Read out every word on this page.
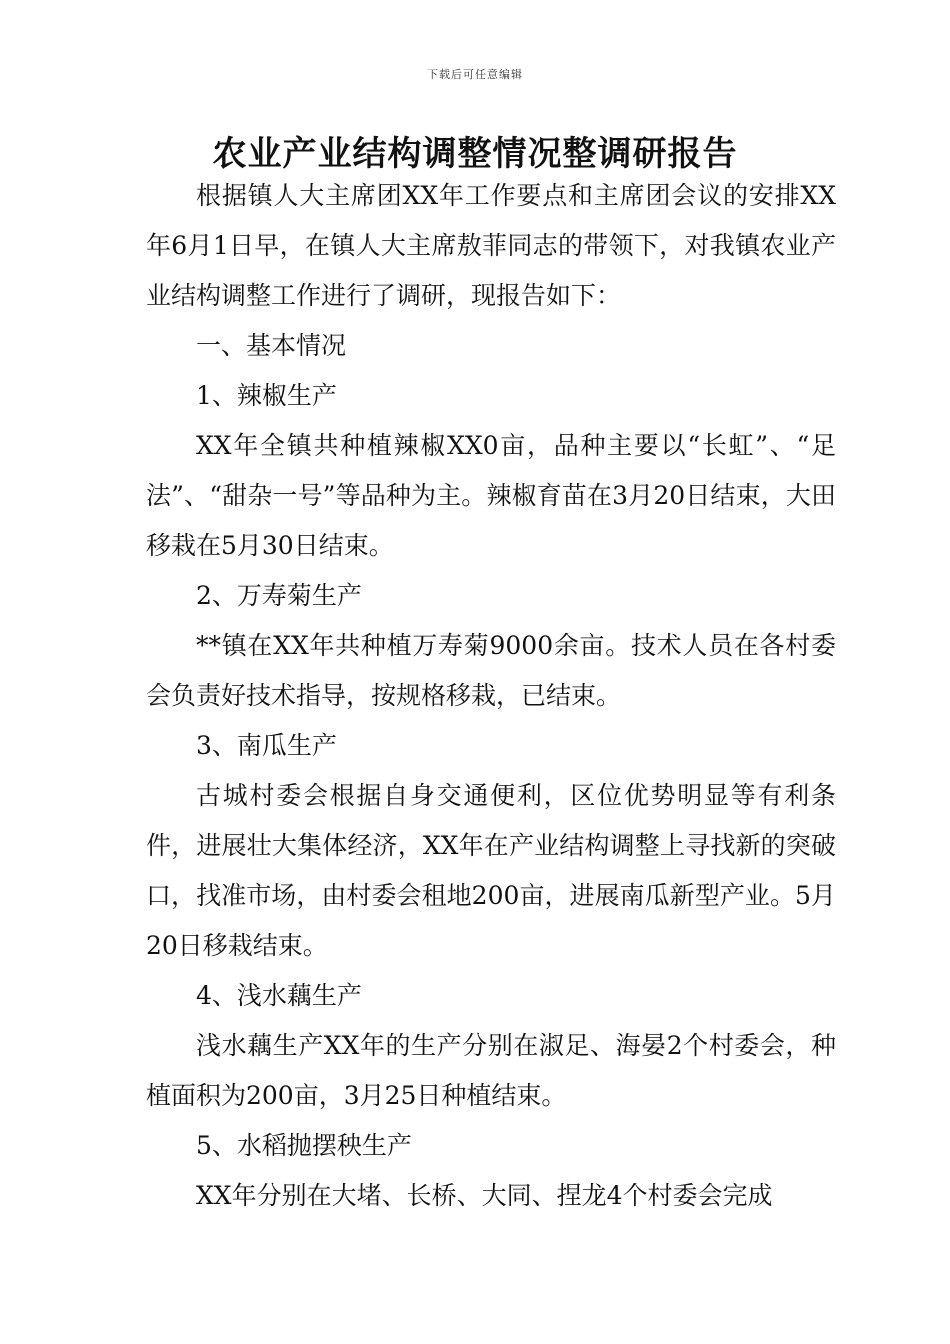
下载后可任意编辑
农业产业结构调整情况整调研报告

根据镇人大主席团XX年工作要点和主席团会议的安排XX年6月1日早，在镇人大主席敖菲同志的带领下，对我镇农业产业结构调整工作进行了调研，现报告如下：

一、基本情况

1、辣椒生产

XX年全镇共种植辣椒XX0亩，品种主要以“长虹”、“足法”、“甜杂一号”等品种为主。辣椒育苗在3月20日结束，大田移栽在5月30日结束。

2、万寿菊生产

**镇在XX年共种植万寿菊9000余亩。技术人员在各村委会负责好技术指导，按规格移栽，已结束。

3、南瓜生产

古城村委会根据自身交通便利，区位优势明显等有利条件，进展壮大集体经济，XX年在产业结构调整上寻找新的突破口，找准市场，由村委会租地200亩，进展南瓜新型产业。5月20日移栽结束。

4、浅水藕生产

浅水藕生产XX年的生产分别在淑足、海晏2个村委会，种植面积为200亩，3月25日种植结束。

5、水稻抛摆秧生产

XX年分别在大堵、长桥、大同、捏龙4个村委会完成
